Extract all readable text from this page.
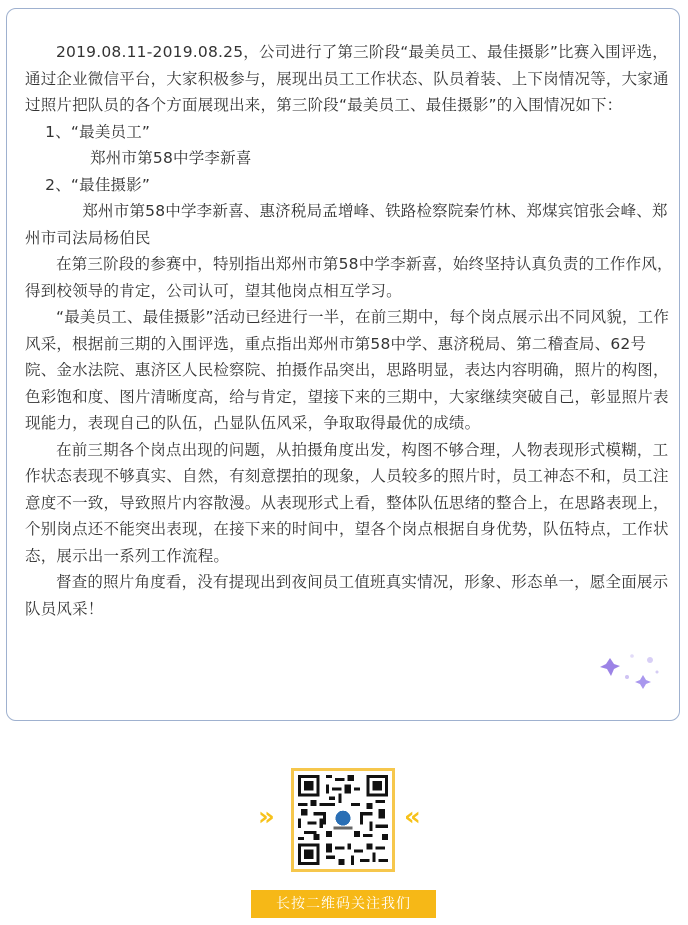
2019.08.11-2019.08.25，公司进行了第三阶段“最美员工、最佳摄影”比赛入围评选，通过企业微信平台，大家积极参与，展现出员工工作状态、队员着装、上下岗情况等，大家通过照片把队员的各个方面展现出来，第三阶段“最美员工、最佳摄影”的入围情况如下：

1、“最美员工”

郑州市第58中学李新喜

2、“最佳摄影”

郑州市第58中学李新喜、惠济税局孟增峰、铁路检察院秦竹林、郑煤宾馆张会峰、郑州市司法局杨伯民

在第三阶段的参赛中，特别指出郑州市第58中学李新喜，始终坚持认真负责的工作作风，得到校领导的肯定，公司认可，望其他岗点相互学习。

“最美员工、最佳摄影”活动已经进行一半，在前三期中，每个岗点展示出不同风貌，工作风采，根据前三期的入围评选，重点指出郑州市第58中学、惠济税局、第二稽查局、62号院、金水法院、惠济区人民检察院、拍摄作品突出，思路明显，表达内容明确，照片的构图，色彩饱和度、图片清晰度高，给与肯定，望接下来的三期中，大家继续突破自己，彰显照片表现能力，表现自己的队伍，凸显队伍风采，争取取得最优的成绩。

在前三期各个岗点出现的问题，从拍摄角度出发，构图不够合理，人物表现形式模糊，工作状态表现不够真实、自然，有刻意摆拍的现象，人员较多的照片时，员工神态不和，员工注意度不一致，导致照片内容散漫。从表现形式上看，整体队伍思绪的整合上，在思路表现上，个别岗点还不能突出表现，在接下来的时间中，望各个岗点根据自身优势，队伍特点，工作状态，展示出一系列工作流程。

督查的照片角度看，没有提现出到夜间员工值班真实情况，形象、形态单一，愿全面展示队员风采！

»	«
长按二维码关注我们
